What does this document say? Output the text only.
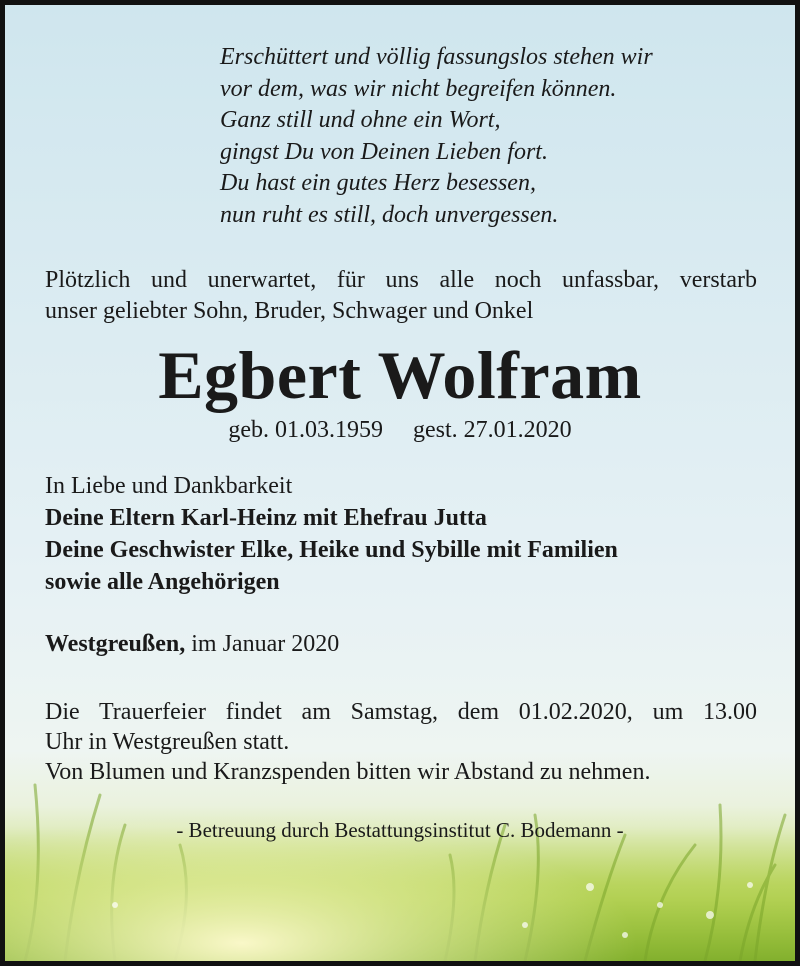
Erschüttert und völlig fassungslos stehen wir
vor dem, was wir nicht begreifen können.
Ganz still und ohne ein Wort,
gingst Du von Deinen Lieben fort.
Du hast ein gutes Herz besessen,
nun ruht es still, doch unvergessen.
Plötzlich und unerwartet, für uns alle noch unfassbar, verstarb
unser geliebter Sohn, Bruder, Schwager und Onkel
Egbert Wolfram
geb. 01.03.1959 gest. 27.01.2020
In Liebe und Dankbarkeit
Deine Eltern Karl-Heinz mit Ehefrau Jutta
Deine Geschwister Elke, Heike und Sybille mit Familien
sowie alle Angehörigen
Westgreußen, im Januar 2020
Die Trauerfeier findet am Samstag, dem 01.02.2020, um 13.00
Uhr in Westgreußen statt.
Von Blumen und Kranzspenden bitten wir Abstand zu nehmen.
- Betreuung durch Bestattungsinstitut C. Bodemann -
